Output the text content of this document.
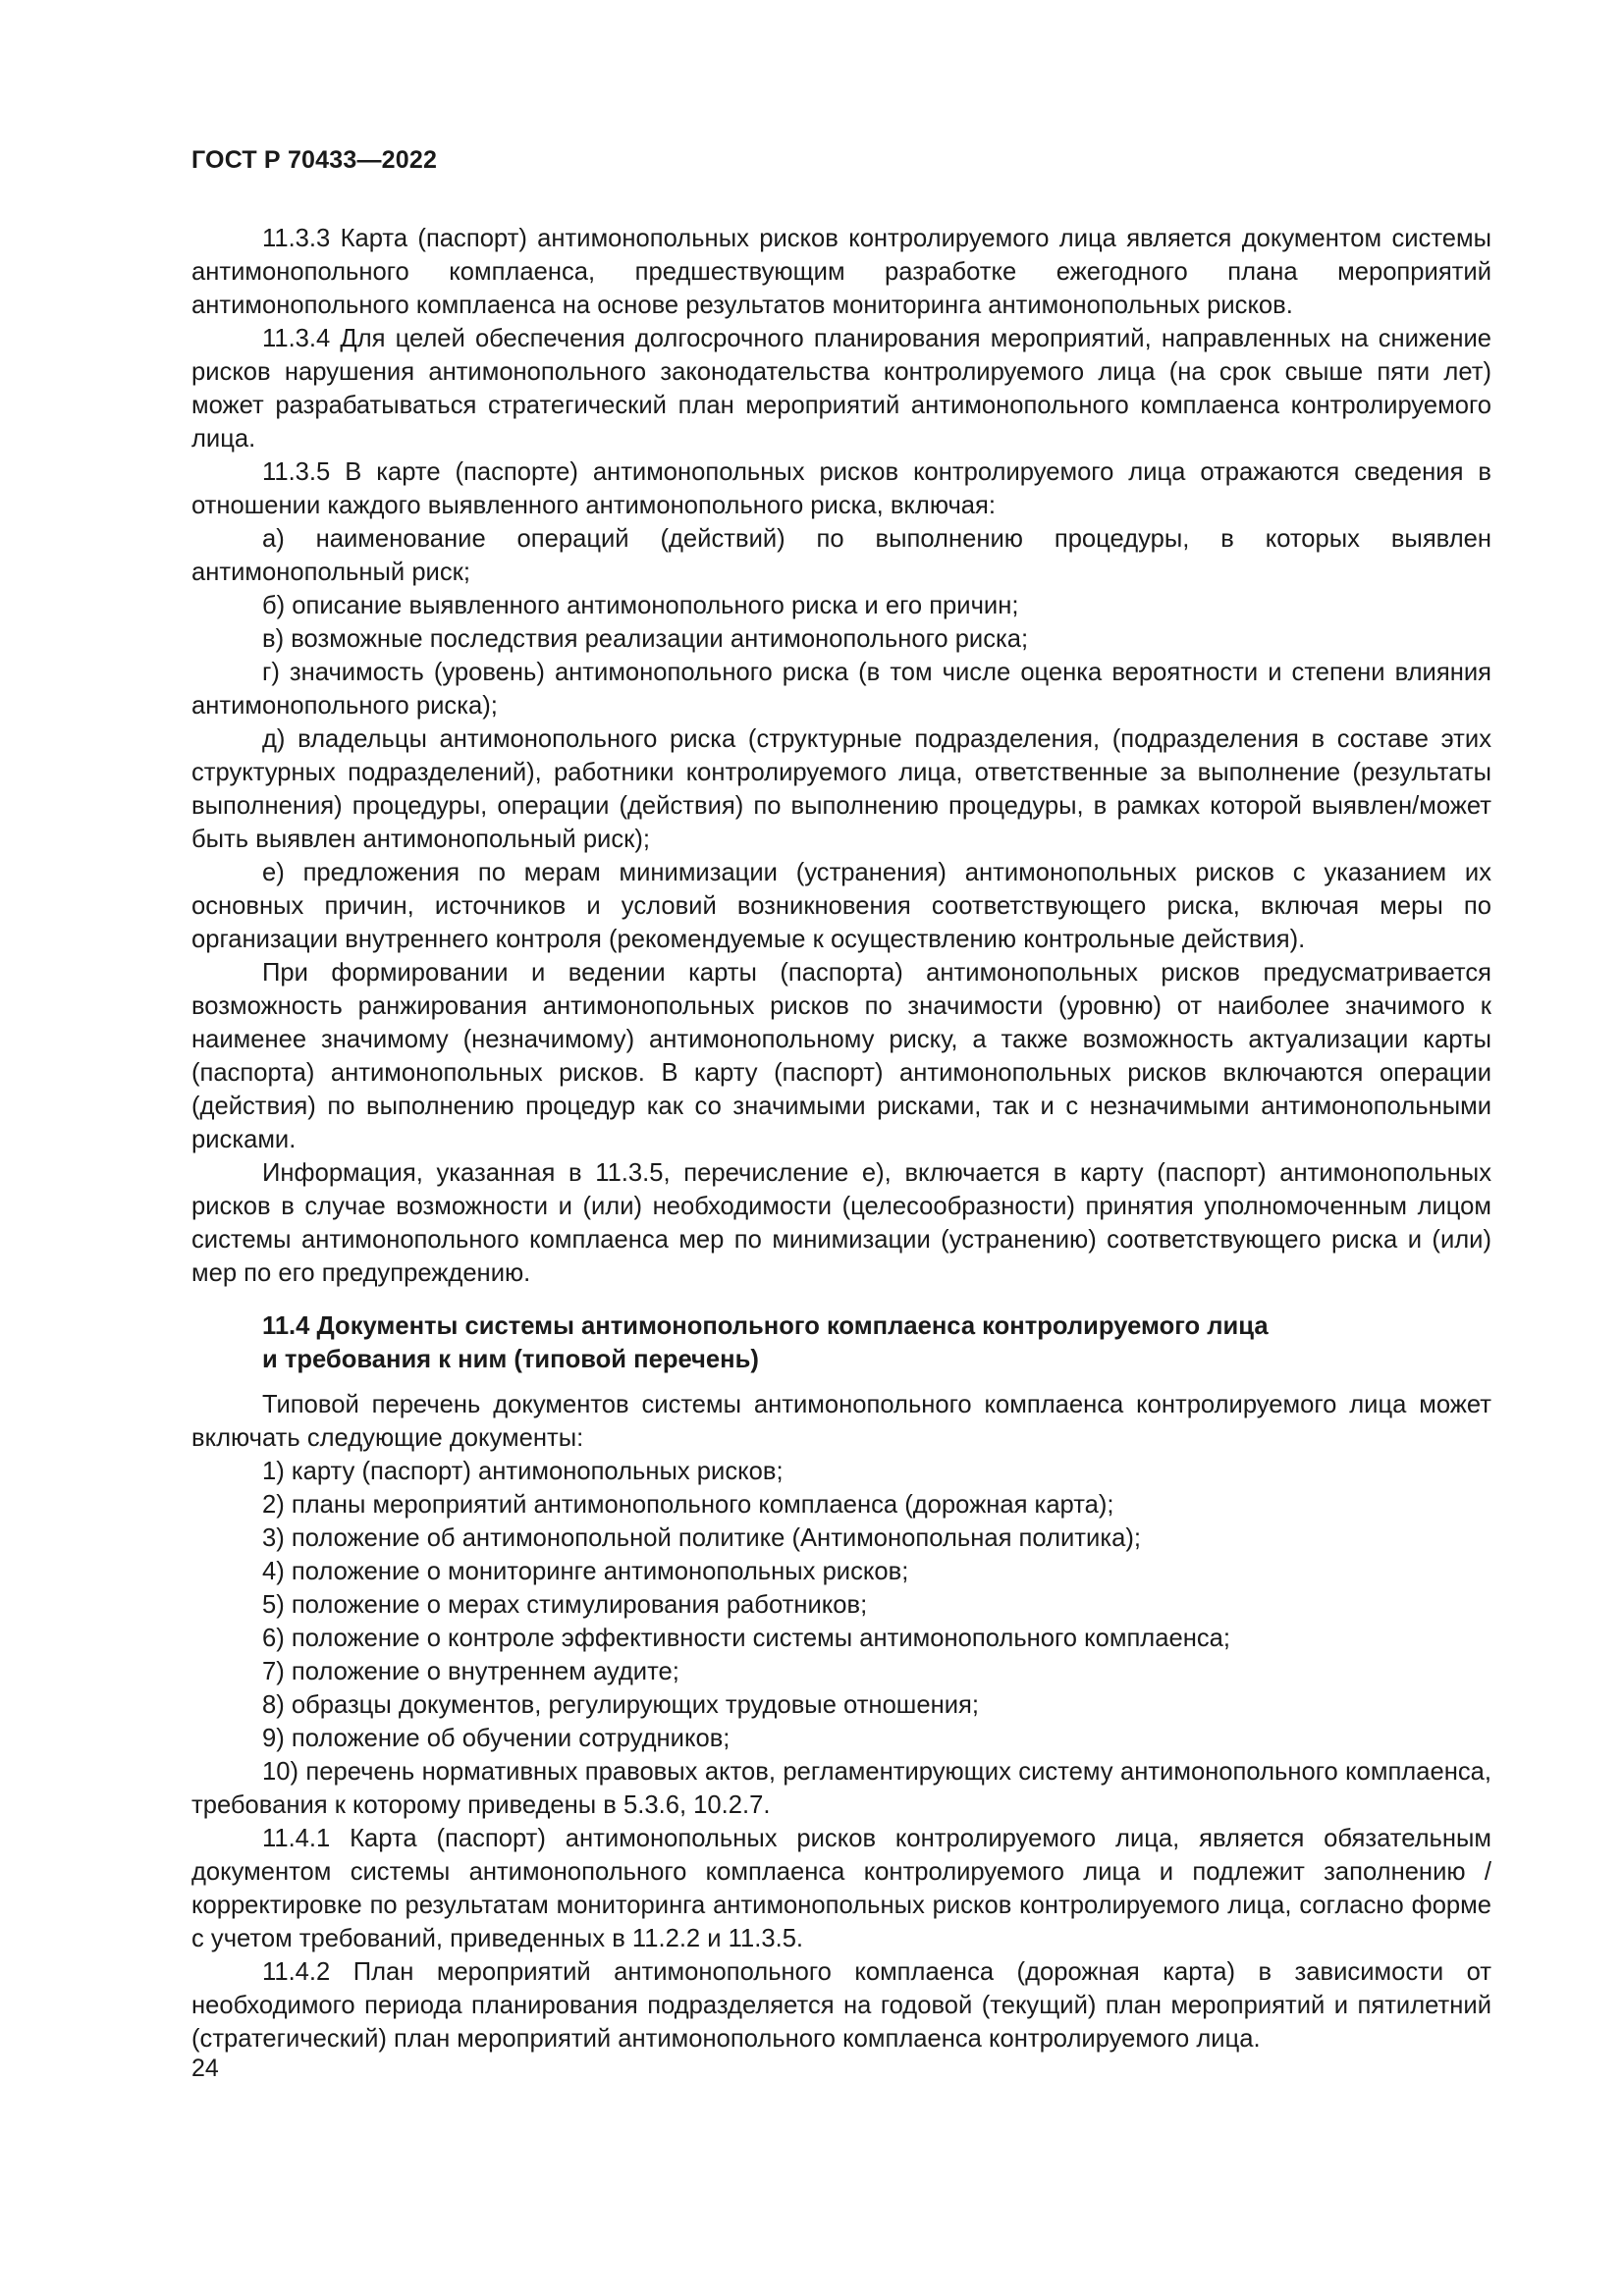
ГОСТ Р 70433—2022

11.3.3 Карта (паспорт) антимонопольных рисков контролируемого лица является документом системы антимонопольного комплаенса, предшествующим разработке ежегодного плана мероприятий антимонопольного комплаенса на основе результатов мониторинга антимонопольных рисков.

11.3.4 Для целей обеспечения долгосрочного планирования мероприятий, направленных на снижение рисков нарушения антимонопольного законодательства контролируемого лица (на срок свыше пяти лет) может разрабатываться стратегический план мероприятий антимонопольного комплаенса контролируемого лица.

11.3.5 В карте (паспорте) антимонопольных рисков контролируемого лица отражаются сведения в отношении каждого выявленного антимонопольного риска, включая:

а) наименование операций (действий) по выполнению процедуры, в которых выявлен антимонопольный риск;

б) описание выявленного антимонопольного риска и его причин;

в) возможные последствия реализации антимонопольного риска;

г) значимость (уровень) антимонопольного риска (в том числе оценка вероятности и степени влияния антимонопольного риска);

д) владельцы антимонопольного риска (структурные подразделения, (подразделения в составе этих структурных подразделений), работники контролируемого лица, ответственные за выполнение (результаты выполнения) процедуры, операции (действия) по выполнению процедуры, в рамках которой выявлен/может быть выявлен антимонопольный риск);

е) предложения по мерам минимизации (устранения) антимонопольных рисков с указанием их основных причин, источников и условий возникновения соответствующего риска, включая меры по организации внутреннего контроля (рекомендуемые к осуществлению контрольные действия).

При формировании и ведении карты (паспорта) антимонопольных рисков предусматривается возможность ранжирования антимонопольных рисков по значимости (уровню) от наиболее значимого к наименее значимому (незначимому) антимонопольному риску, а также возможность актуализации карты (паспорта) антимонопольных рисков. В карту (паспорт) антимонопольных рисков включаются операции (действия) по выполнению процедур как со значимыми рисками, так и с незначимыми антимонопольными рисками.

Информация, указанная в 11.3.5, перечисление е), включается в карту (паспорт) антимонопольных рисков в случае возможности и (или) необходимости (целесообразности) принятия уполномоченным лицом системы антимонопольного комплаенса мер по минимизации (устранению) соответствующего риска и (или) мер по его предупреждению.

11.4 Документы системы антимонопольного комплаенса контролируемого лица
и требования к ним (типовой перечень)

Типовой перечень документов системы антимонопольного комплаенса контролируемого лица может включать следующие документы:

1) карту (паспорт) антимонопольных рисков;

2) планы мероприятий антимонопольного комплаенса (дорожная карта);

3) положение об антимонопольной политике (Антимонопольная политика);

4) положение о мониторинге антимонопольных рисков;

5) положение о мерах стимулирования работников;

6) положение о контроле эффективности системы антимонопольного комплаенса;

7) положение о внутреннем аудите;

8) образцы документов, регулирующих трудовые отношения;

9) положение об обучении сотрудников;

10) перечень нормативных правовых актов, регламентирующих систему антимонопольного комплаенса, требования к которому приведены в 5.3.6, 10.2.7.

11.4.1 Карта (паспорт) антимонопольных рисков контролируемого лица, является обязательным документом системы антимонопольного комплаенса контролируемого лица и подлежит заполнению / корректировке по результатам мониторинга антимонопольных рисков контролируемого лица, согласно форме с учетом требований, приведенных в 11.2.2 и 11.3.5.

11.4.2 План мероприятий антимонопольного комплаенса (дорожная карта) в зависимости от необходимого периода планирования подразделяется на годовой (текущий) план мероприятий и пятилетний (стратегический) план мероприятий антимонопольного комплаенса контролируемого лица.

24
